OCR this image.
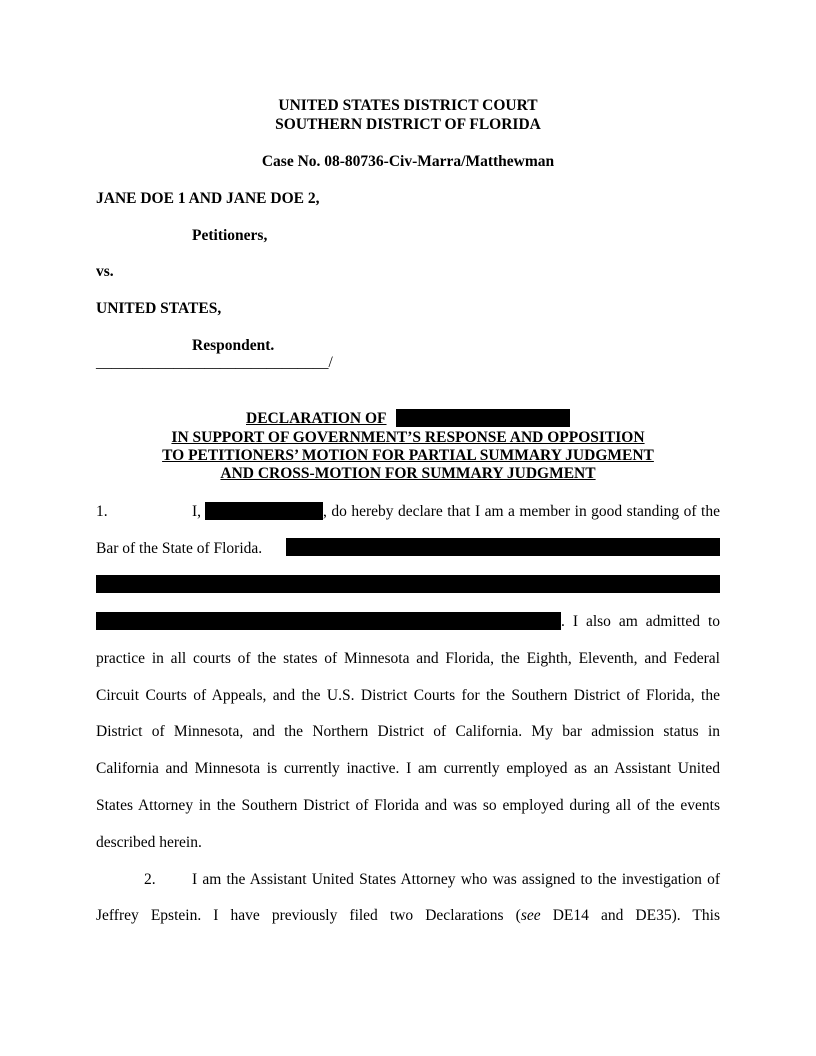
UNITED STATES DISTRICT COURT
SOUTHERN DISTRICT OF FLORIDA
Case No. 08-80736-Civ-Marra/Matthewman
JANE DOE 1 AND JANE DOE 2,
Petitioners,
vs.
UNITED STATES,
Respondent.
______________________________/
DECLARATION OF
IN SUPPORT OF GOVERNMENT’S RESPONSE AND OPPOSITION
TO PETITIONERS’ MOTION FOR PARTIAL SUMMARY JUDGMENT
AND CROSS-MOTION FOR SUMMARY JUDGMENT
1.	I,	, do hereby declare that I am a member in good standing of the
Bar of the State of Florida.
. I also am admitted to
practice in all courts of the states of Minnesota and Florida, the Eighth, Eleventh, and Federal
Circuit Courts of Appeals, and the U.S. District Courts for the Southern District of Florida, the
District of Minnesota, and the Northern District of California. My bar admission status in
California and Minnesota is currently inactive. I am currently employed as an Assistant United
States Attorney in the Southern District of Florida and was so employed during all of the events
described herein.
2. I am the Assistant United States Attorney who was assigned to the investigation of
Jeffrey Epstein. I have previously filed two Declarations (see DE14 and DE35). This
